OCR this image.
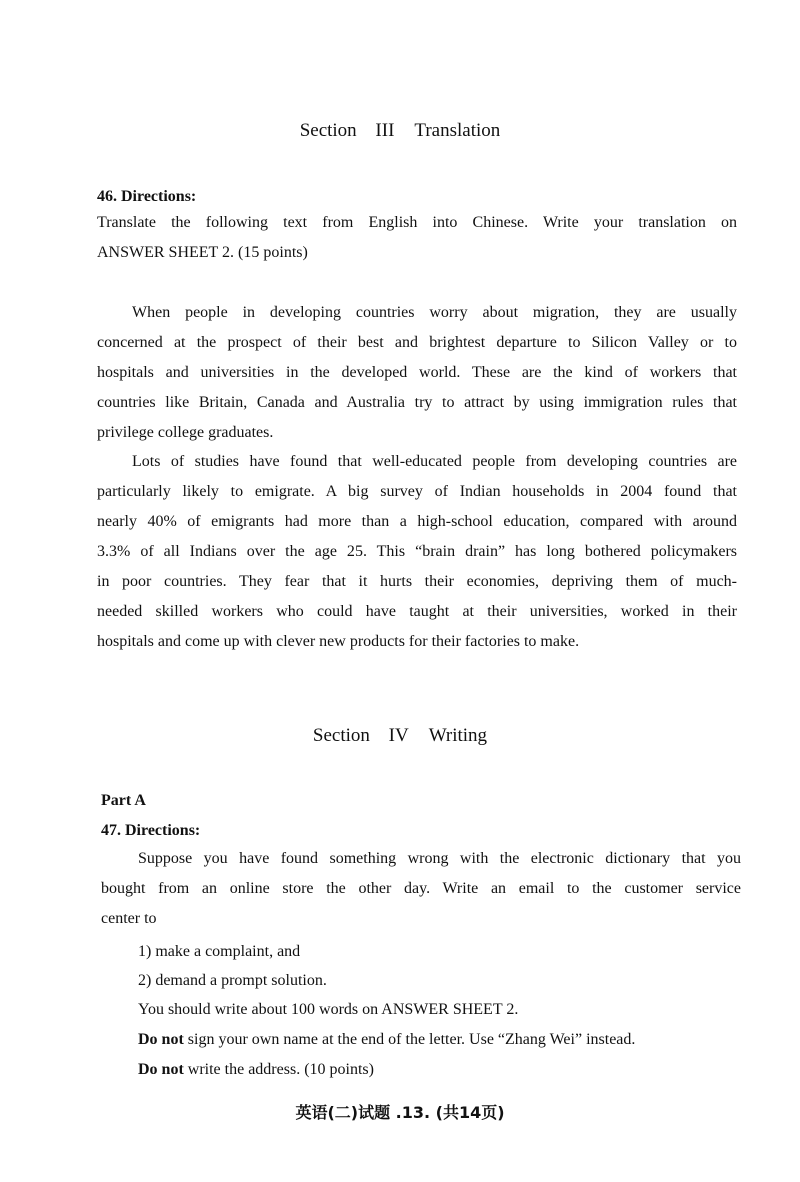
Section III Translation
46. Directions:
Translate the following text from English into Chinese. Write your translation on
ANSWER SHEET 2. (15 points)
When people in developing countries worry about migration, they are usually
concerned at the prospect of their best and brightest departure to Silicon Valley or to
hospitals and universities in the developed world. These are the kind of workers that
countries like Britain, Canada and Australia try to attract by using immigration rules that
privilege college graduates.
Lots of studies have found that well-educated people from developing countries are
particularly likely to emigrate. A big survey of Indian households in 2004 found that
nearly 40% of emigrants had more than a high-school education, compared with around
3.3% of all Indians over the age 25. This “brain drain” has long bothered policymakers
in poor countries. They fear that it hurts their economies, depriving them of much-
needed skilled workers who could have taught at their universities, worked in their
hospitals and come up with clever new products for their factories to make.
Section IV Writing
Part A
47. Directions:
Suppose you have found something wrong with the electronic dictionary that you
bought from an online store the other day. Write an email to the customer service
center to
1) make a complaint, and
2) demand a prompt solution.
You should write about 100 words on ANSWER SHEET 2.
Do not sign your own name at the end of the letter. Use “Zhang Wei” instead.
Do not write the address. (10 points)
英语(二)试题 .13. (共14页)
